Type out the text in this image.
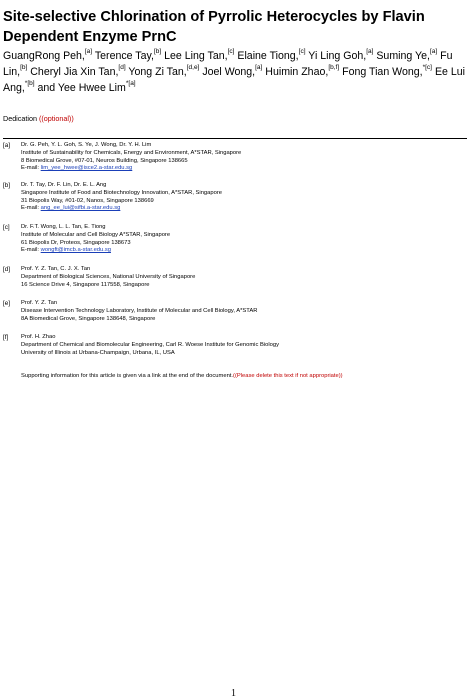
Site-selective Chlorination of Pyrrolic Heterocycles by Flavin Dependent Enzyme PrnC

GuangRong Peh,[a] Terence Tay,[b] Lee Ling Tan,[c] Elaine Tiong,[c] Yi Ling Goh,[a] Suming Ye,[a] Fu Lin,[b] Cheryl Jia Xin Tan,[d] Yong Zi Tan,[d,e] Joel Wong,[a] Huimin Zhao,[b,f] Fong Tian Wong,$^{*[c]}$ Ee Lui Ang,$^{*[b]}$ and Yee Hwee Lim$^{*[a]}$

Dedication ((optional))

[a] Dr. G. Peh, Y. L. Goh, S. Ye, J. Wong, Dr. Y. H. Lim
Institute of Sustainability for Chemicals, Energy and Environment, A*STAR, Singapore
8 Biomedical Grove, #07-01, Neuros Building, Singapore 138665
E-mail: lim_yee_hwee@isce2.a-star.edu.sg
[b] Dr. T. Tay, Dr. F. Lin, Dr. E. L. Ang
Singapore Institute of Food and Biotechnology Innovation, A*STAR, Singapore
31 Biopolis Way, #01-02, Nanos, Singapore 138669
E-mail: ang_ee_lui@sifbi.a-star.edu.sg
[c] Dr. F.T. Wong, L. L. Tan, E. Tiong
Institute of Molecular and Cell Biology A*STAR, Singapore
61 Biopolis Dr, Proteos, Singapore 138673
E-mail: wongft@imcb.a-star.edu.sg
[d] Prof. Y. Z. Tan, C. J. X. Tan
Department of Biological Sciences, National University of Singapore
16 Science Drive 4, Singapore 117558, Singapore
[e] Prof. Y. Z. Tan
Disease Intervention Technology Laboratory, Institute of Molecular and Cell Biology, A*STAR
8A Biomedical Grove, Singapore 138648, Singapore
[f] Prof. H. Zhao
Department of Chemical and Biomolecular Engineering, Carl R. Woese Institute for Genomic Biology
University of Illinois at Urbana-Champaign, Urbana, IL, USA
Supporting information for this article is given via a link at the end of the document.((Please delete this text if not appropriate))
1
